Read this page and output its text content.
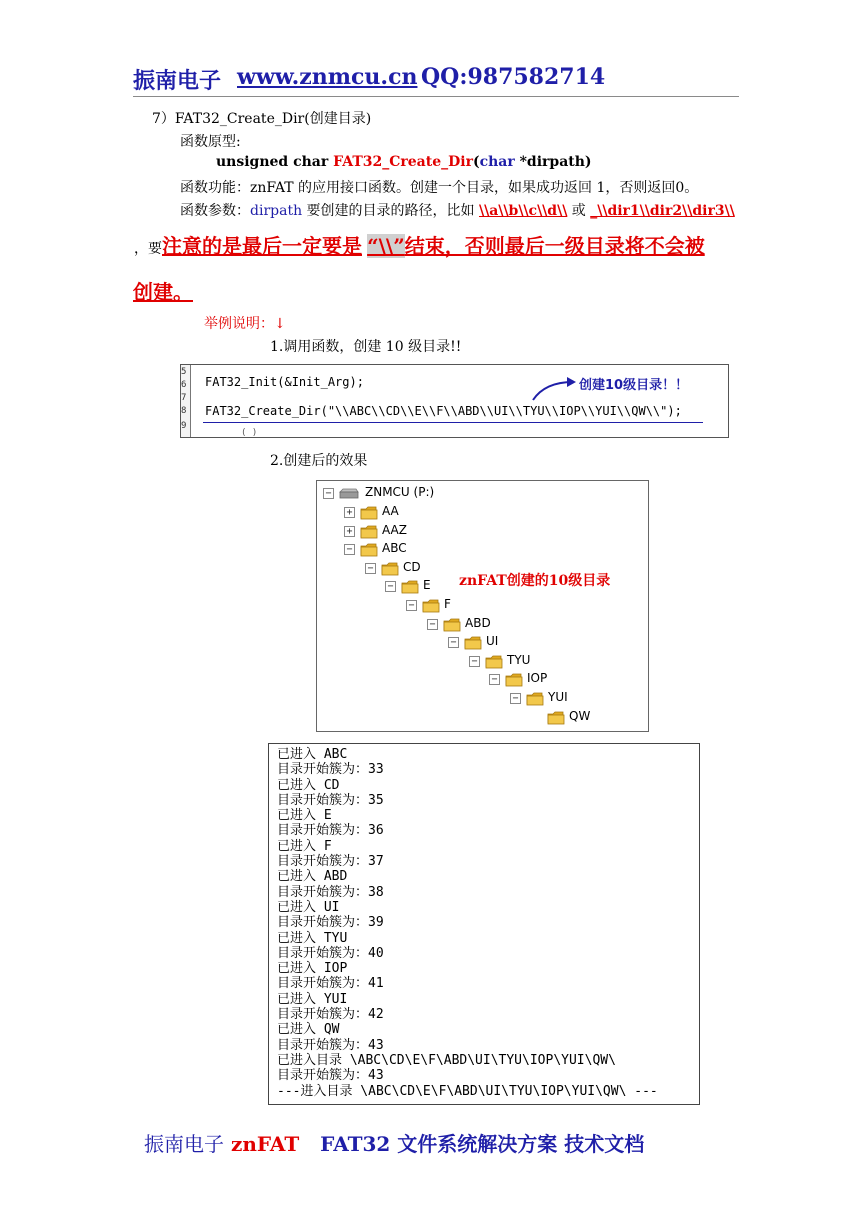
振南电子 www.znmcu.cn QQ:987582714
7）FAT32_Create_Dir(创建目录)
函数原型:
unsigned char FAT32_Create_Dir(char *dirpath)
函数功能：znFAT 的应用接口函数。创建一个目录，如果成功返回 1，否则返回0。
函数参数：dirpath 要创建的目录的路径，比如 \\a\\b\\c\\d\\ 或 _\\dir1\\dir2\\dir3\\
，要注意的是最后一定要是 “\\”结束，否则最后一级目录将不会被
创建。
举例说明：↓
1.调用函数，创建 10 级目录!!
5
6
7
8
9
FAT32_Init(&Init_Arg);
FAT32_Create_Dir("\\ABC\\CD\\E\\F\\ABD\\UI\\TYU\\IOP\\YUI\\QW\\");
创建10级目录！！
( )
2.创建后的效果
−	ZNMCU (P:)
+ AA
+ AAZ
− ABC
− CD
− E
− F
− ABD
− UI
− TYU
− IOP
− YUI
QW
znFAT创建的10级目录
已进入 ABC
目录开始簇为：33
已进入 CD
目录开始簇为：35
已进入 E
目录开始簇为：36
已进入 F
目录开始簇为：37
已进入 ABD
目录开始簇为：38
已进入 UI
目录开始簇为：39
已进入 TYU
目录开始簇为：40
已进入 IOP
目录开始簇为：41
已进入 YUI
目录开始簇为：42
已进入 QW
目录开始簇为：43
已进入目录 \ABC\CD\E\F\ABD\UI\TYU\IOP\YUI\QW\
目录开始簇为：43
---进入目录 \ABC\CD\E\F\ABD\UI\TYU\IOP\YUI\QW\ ---
振南电子 znFAT FAT32 文件系统解决方案 技术文档
